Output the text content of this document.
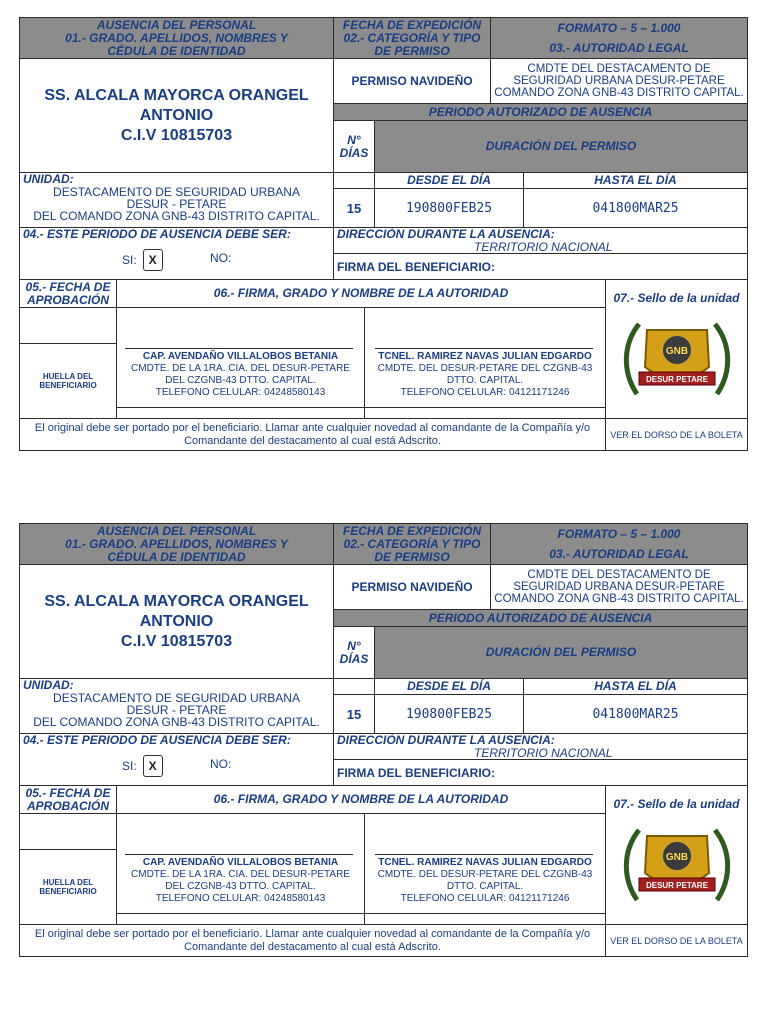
AUSENCIA DEL PERSONAL
01.- GRADO. APELLIDOS, NOMBRES Y
CÉDULA DE IDENTIDAD
FECHA DE EXPEDICIÓN
02.- CATEGORÍA Y TIPO
DE PERMISO
FORMATO – 5 – 1.000
03.- AUTORIDAD LEGAL
SS. ALCALA MAYORCA ORANGEL
ANTONIO
C.I.V 10815703
PERMISO NAVIDEÑO
CMDTE DEL DESTACAMENTO DE
SEGURIDAD URBANA DESUR-PETARE
COMANDO ZONA GNB-43 DISTRITO CAPITAL.
PERIODO AUTORIZADO DE AUSENCIA
N°
DÍAS	DURACIÓN DEL PERMISO
UNIDAD:
DESTACAMENTO DE SEGURIDAD URBANA
DESUR - PETARE
DEL COMANDO ZONA GNB-43 DISTRITO CAPITAL.
DESDE EL DÍA	HASTA EL DÍA
15	190800FEB25	041800MAR25
04.- ESTE PERIODO DE AUSENCIA DEBE SER:
SI: X	NO:
DIRECCIÓN DURANTE LA AUSENCIA:
TERRITORIO NACIONAL
FIRMA DEL BENEFICIARIO:
05.- FECHA DE
APROBACIÓN	06.- FIRMA, GRADO Y NOMBRE DE LA AUTORIDAD	07.- Sello de la unidad
GNB
DESUR PETARE
HUELLA DEL
BENEFICIARIO
CAP. AVENDAÑO VILLALOBOS BETANIA
CMDTE. DE LA 1RA. CIA. DEL DESUR-PETARE
DEL CZGNB-43 DTTO. CAPITAL.
TELEFONO CELULAR: 04248580143
TCNEL. RAMIREZ NAVAS JULIAN EDGARDO
CMDTE. DEL DESUR-PETARE DEL CZGNB-43
DTTO. CAPITAL.
TELEFONO CELULAR: 04121171246
El original debe ser portado por el beneficiario. Llamar ante cualquier novedad al comandante de la Compañía y/o
Comandante del destacamento al cual está Adscrito.	VER EL DORSO DE LA BOLETA
AUSENCIA DEL PERSONAL
01.- GRADO. APELLIDOS, NOMBRES Y
CÉDULA DE IDENTIDAD
FECHA DE EXPEDICIÓN
02.- CATEGORÍA Y TIPO
DE PERMISO
FORMATO – 5 – 1.000
03.- AUTORIDAD LEGAL
SS. ALCALA MAYORCA ORANGEL
ANTONIO
C.I.V 10815703
PERMISO NAVIDEÑO
CMDTE DEL DESTACAMENTO DE
SEGURIDAD URBANA DESUR-PETARE
COMANDO ZONA GNB-43 DISTRITO CAPITAL.
PERIODO AUTORIZADO DE AUSENCIA
N°
DÍAS	DURACIÓN DEL PERMISO
UNIDAD:
DESTACAMENTO DE SEGURIDAD URBANA
DESUR - PETARE
DEL COMANDO ZONA GNB-43 DISTRITO CAPITAL.
DESDE EL DÍA	HASTA EL DÍA
15	190800FEB25	041800MAR25
04.- ESTE PERIODO DE AUSENCIA DEBE SER:
SI: X	NO:
DIRECCIÓN DURANTE LA AUSENCIA:
TERRITORIO NACIONAL
FIRMA DEL BENEFICIARIO:
05.- FECHA DE
APROBACIÓN	06.- FIRMA, GRADO Y NOMBRE DE LA AUTORIDAD	07.- Sello de la unidad
GNB
DESUR PETARE
HUELLA DEL
BENEFICIARIO
CAP. AVENDAÑO VILLALOBOS BETANIA
CMDTE. DE LA 1RA. CIA. DEL DESUR-PETARE
DEL CZGNB-43 DTTO. CAPITAL.
TELEFONO CELULAR: 04248580143
TCNEL. RAMIREZ NAVAS JULIAN EDGARDO
CMDTE. DEL DESUR-PETARE DEL CZGNB-43
DTTO. CAPITAL.
TELEFONO CELULAR: 04121171246
El original debe ser portado por el beneficiario. Llamar ante cualquier novedad al comandante de la Compañía y/o
Comandante del destacamento al cual está Adscrito.	VER EL DORSO DE LA BOLETA
